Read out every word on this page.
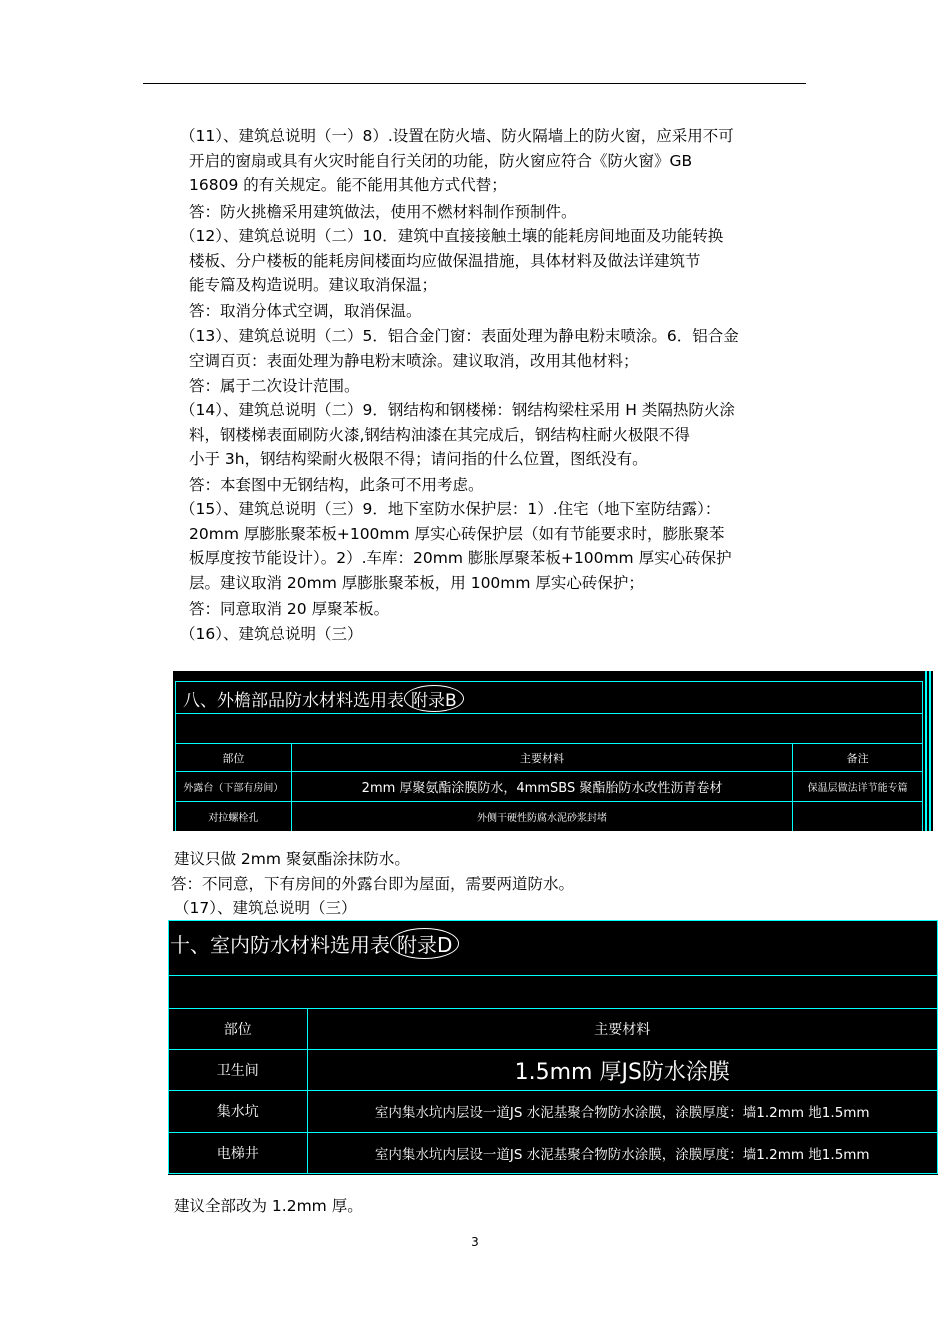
（11）、建筑总说明（一）8）.设置在防火墙、防火隔墙上的防火窗，应采用不可
开启的窗扇或具有火灾时能自行关闭的功能，防火窗应符合《防火窗》GB
16809 的有关规定。能不能用其他方式代替；
答：防火挑檐采用建筑做法，使用不燃材料制作预制件。
（12）、建筑总说明（二）10．建筑中直接接触土壤的能耗房间地面及功能转换
楼板、分户楼板的能耗房间楼面均应做保温措施，具体材料及做法详建筑节
能专篇及构造说明。建议取消保温；
答：取消分体式空调，取消保温。
（13）、建筑总说明（二）5．铝合金门窗：表面处理为静电粉末喷涂。6．铝合金
空调百页：表面处理为静电粉末喷涂。建议取消，改用其他材料；
答：属于二次设计范围。
（14）、建筑总说明（二）9．钢结构和钢楼梯：钢结构梁柱采用 H 类隔热防火涂
料，钢楼梯表面刷防火漆,钢结构油漆在其完成后，钢结构柱耐火极限不得
小于 3h，钢结构梁耐火极限不得；请问指的什么位置，图纸没有。
答：本套图中无钢结构，此条可不用考虑。
（15）、建筑总说明（三）9．地下室防水保护层：1）.住宅（地下室防结露）：
20mm 厚膨胀聚苯板+100mm 厚实心砖保护层（如有节能要求时，膨胀聚苯
板厚度按节能设计）。2）.车库：20mm 膨胀厚聚苯板+100mm 厚实心砖保护
层。建议取消 20mm 厚膨胀聚苯板，用 100mm 厚实心砖保护；
答：同意取消 20 厚聚苯板。
（16）、建筑总说明（三）
八、外檐部品防水材料选用表 附录B

部位	主要材料	备注
外露台（下部有房间）	2mm 厚聚氨酯涂膜防水，4mmSBS 聚酯胎防水改性沥青卷材	保温层做法详节能专篇
对拉螺栓孔	外侧干硬性防腐水泥砂浆封堵	
建议只做 2mm 聚氨酯涂抹防水。
答：不同意，下有房间的外露台即为屋面，需要两道防水。
（17）、建筑总说明（三）
十、室内防水材料选用表 附录D

部位	主要材料
卫生间	1.5mm 厚JS防水涂膜
集水坑	室内集水坑内层设一道JS 水泥基聚合物防水涂膜，涂膜厚度：墙1.2mm 地1.5mm
电梯井	室内集水坑内层设一道JS 水泥基聚合物防水涂膜，涂膜厚度：墙1.2mm 地1.5mm
建议全部改为 1.2mm 厚。
3
